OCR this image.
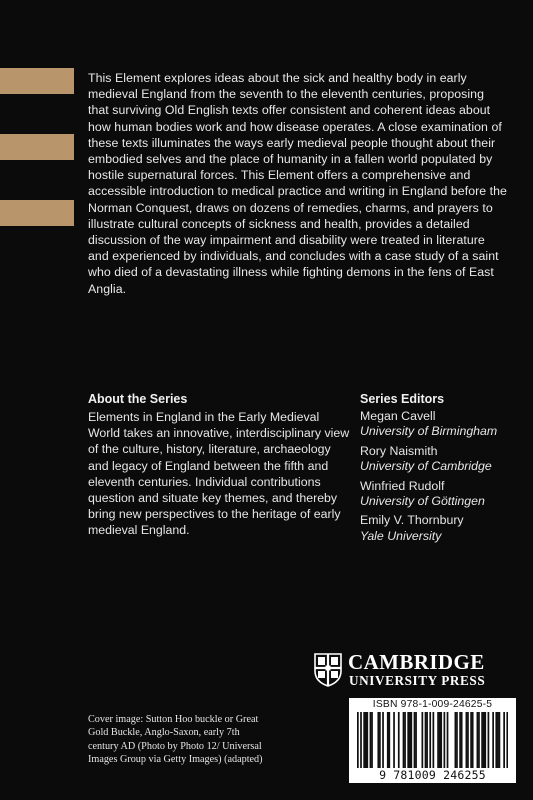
This Element explores ideas about the sick and healthy body in early medieval England from the seventh to the eleventh centuries, proposing that surviving Old English texts offer consistent and coherent ideas about how human bodies work and how disease operates. A close examination of these texts illuminates the ways early medieval people thought about their embodied selves and the place of humanity in a fallen world populated by hostile supernatural forces. This Element offers a comprehensive and accessible introduction to medical practice and writing in England before the Norman Conquest, draws on dozens of remedies, charms, and prayers to illustrate cultural concepts of sickness and health, provides a detailed discussion of the way impairment and disability were treated in literature and experienced by individuals, and concludes with a case study of a saint who died of a devastating illness while fighting demons in the fens of East Anglia.

About the Series

Elements in England in the Early Medieval World takes an innovative, interdisciplinary view of the culture, history, literature, archaeology and legacy of England between the fifth and eleventh centuries. Individual contributions question and situate key themes, and thereby bring new perspectives to the heritage of early medieval England.

Series Editors
Megan Cavell
University of Birmingham
Rory Naismith
University of Cambridge
Winfried Rudolf
University of Göttingen
Emily V. Thornbury
Yale University
CAMBRIDGE
UNIVERSITY PRESS

Cover image: Sutton Hoo buckle or Great Gold Buckle, Anglo-Saxon, early 7th century AD (Photo by Photo 12/ Universal Images Group via Getty Images) (adapted)

ISBN 978-1-009-24625-5
9 781009 246255
